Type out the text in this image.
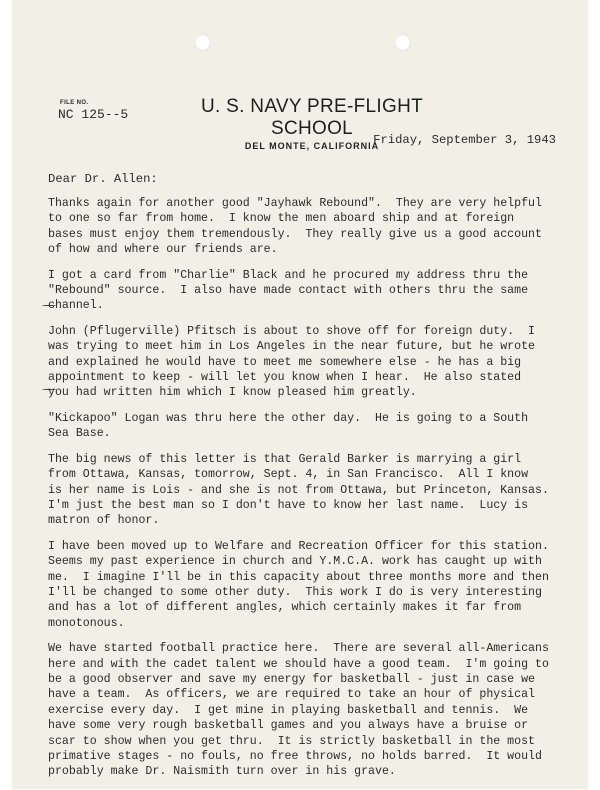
FILE NO.
NC 125--5	U. S. NAVY PRE-FLIGHT SCHOOL
DEL MONTE, CALIFORNIA
Friday, September 3, 1943
Dear Dr. Allen:
Thanks again for another good "Jayhawk Rebound".  They are very helpful
to one so far from home.  I know the men aboard ship and at foreign
bases must enjoy them tremendously.  They really give us a good account
of how and where our friends are.
I got a card from "Charlie" Black and he procured my address thru the
"Rebound" source.  I also have made contact with others thru the same
channel.
John (Pflugerville) Pfitsch is about to shove off for foreign duty.  I
was trying to meet him in Los Angeles in the near future, but he wrote
and explained he would have to meet me somewhere else - he has a big
appointment to keep - will let you know when I hear.  He also stated
you had written him which I know pleased him greatly.
"Kickapoo" Logan was thru here the other day.  He is going to a South
Sea Base.
The big news of this letter is that Gerald Barker is marrying a girl
from Ottawa, Kansas, tomorrow, Sept. 4, in San Francisco.  All I know
is her name is Lois - and she is not from Ottawa, but Princeton, Kansas.
I'm just the best man so I don't have to know her last name.  Lucy is
matron of honor.
I have been moved up to Welfare and Recreation Officer for this station.
Seems my past experience in church and Y.M.C.A. work has caught up with
me.  I imagine I'll be in this capacity about three months more and then
I'll be changed to some other duty.  This work I do is very interesting
and has a lot of different angles, which certainly makes it far from
monotonous.
We have started football practice here.  There are several all-Americans
here and with the cadet talent we should have a good team.  I'm going to
be a good observer and save my energy for basketball - just in case we
have a team.  As officers, we are required to take an hour of physical
exercise every day.  I get mine in playing basketball and tennis.  We
have some very rough basketball games and you always have a bruise or
scar to show when you get thru.  It is strictly basketball in the most
primative stages - no fouls, no free throws, no holds barred.  It would
probably make Dr. Naismith turn over in his grave.
